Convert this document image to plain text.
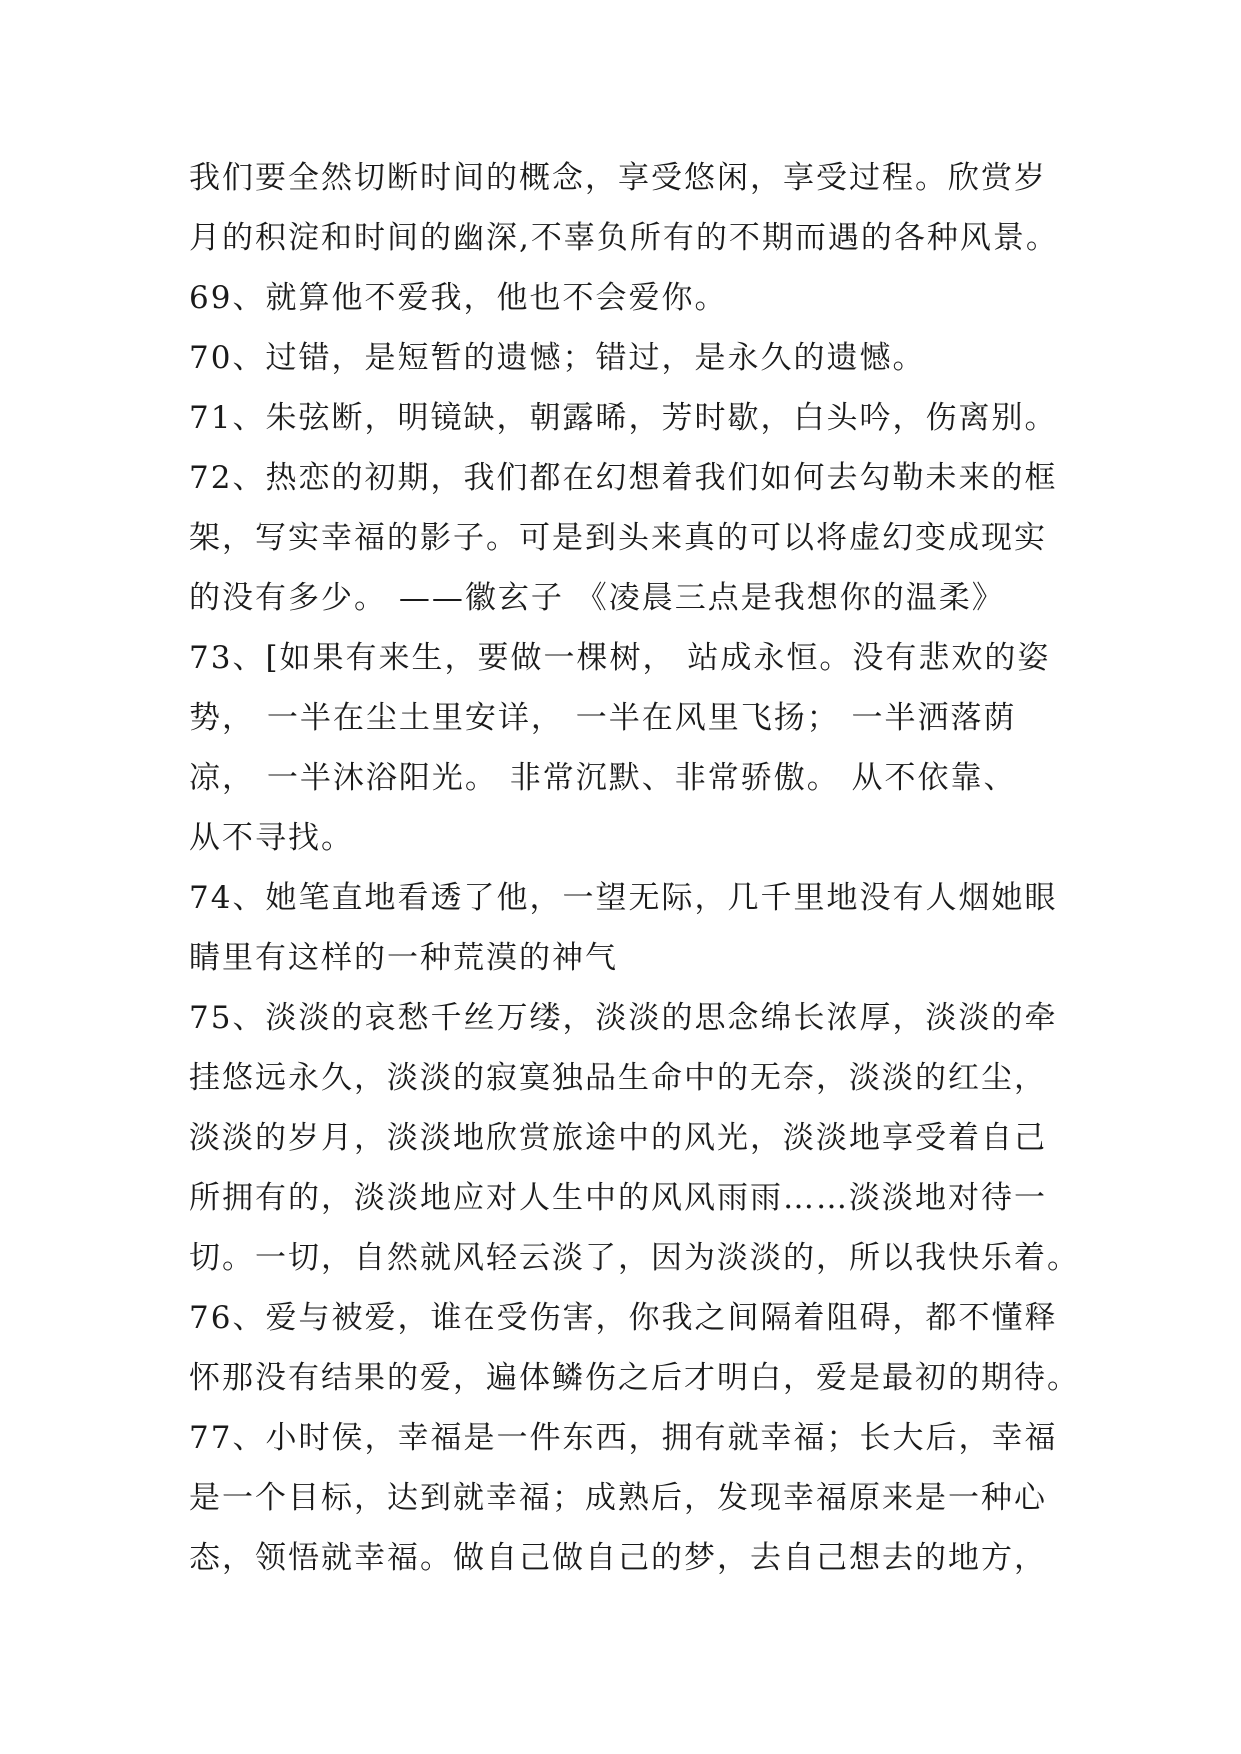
我们要全然切断时间的概念，享受悠闲，享受过程。欣赏岁
月的积淀和时间的幽深,不辜负所有的不期而遇的各种风景。
69、就算他不爱我，他也不会爱你。
70、过错，是短暂的遗憾；错过，是永久的遗憾。
71、朱弦断，明镜缺，朝露晞，芳时歇，白头吟，伤离别。
72、热恋的初期，我们都在幻想着我们如何去勾勒未来的框
架，写实幸福的影子。可是到头来真的可以将虚幻变成现实
的没有多少。 ——徽玄子 《凌晨三点是我想你的温柔》
73、[如果有来生，要做一棵树， 站成永恒。没有悲欢的姿
势， 一半在尘土里安详， 一半在风里飞扬； 一半洒落荫
凉， 一半沐浴阳光。 非常沉默、非常骄傲。 从不依靠、
从不寻找。
74、她笔直地看透了他，一望无际，几千里地没有人烟她眼
睛里有这样的一种荒漠的神气
75、淡淡的哀愁千丝万缕，淡淡的思念绵长浓厚，淡淡的牵
挂悠远永久，淡淡的寂寞独品生命中的无奈，淡淡的红尘，
淡淡的岁月，淡淡地欣赏旅途中的风光，淡淡地享受着自己
所拥有的，淡淡地应对人生中的风风雨雨……淡淡地对待一
切。一切，自然就风轻云淡了，因为淡淡的，所以我快乐着。
76、爱与被爱，谁在受伤害，你我之间隔着阻碍，都不懂释
怀那没有结果的爱，遍体鳞伤之后才明白，爱是最初的期待。
77、小时侯，幸福是一件东西，拥有就幸福；长大后，幸福
是一个目标，达到就幸福；成熟后，发现幸福原来是一种心
态，领悟就幸福。做自己做自己的梦，去自己想去的地方，
